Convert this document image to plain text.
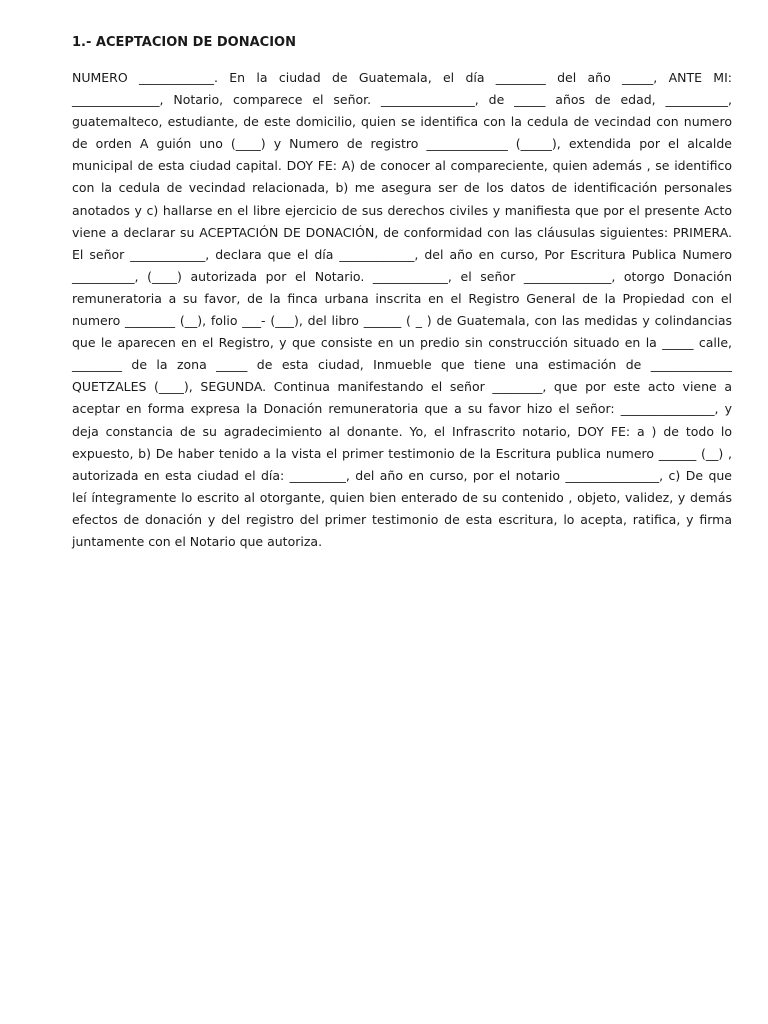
1.- ACEPTACION DE DONACION
NUMERO ____________. En la ciudad de Guatemala, el día ________ del año _____, ANTE MI:
______________, Notario, comparece el señor. _______________, de _____ años de edad, __________,
guatemalteco, estudiante, de este domicilio, quien se identifica con la cedula de vecindad con numero
de orden A guión uno (____) y Numero de registro _____________ (_____), extendida por el alcalde
municipal de esta ciudad capital. DOY FE: A) de conocer al compareciente, quien además , se identifico
con la cedula de vecindad relacionada, b) me asegura ser de los datos de identificación personales
anotados y c) hallarse en el libre ejercicio de sus derechos civiles y manifiesta que por el presente Acto
viene a declarar su ACEPTACIÓN DE DONACIÓN, de conformidad con las cláusulas siguientes: PRIMERA.
El señor ____________, declara que el día ____________, del año en curso, Por Escritura Publica Numero
__________, (____) autorizada por el Notario. ____________, el señor ______________, otorgo Donación
remuneratoria a su favor, de la finca urbana inscrita en el Registro General de la Propiedad con el
numero ________ (__), folio ___- (___), del libro ______ ( _ ) de Guatemala, con las medidas y colindancias
que le aparecen en el Registro, y que consiste en un predio sin construcción situado en la _____ calle,
________ de la zona _____ de esta ciudad, Inmueble que tiene una estimación de _____________
QUETZALES (____), SEGUNDA. Continua manifestando el señor ________, que por este acto viene a
aceptar en forma expresa la Donación remuneratoria que a su favor hizo el señor: _______________, y
deja constancia de su agradecimiento al donante. Yo, el Infrascrito notario, DOY FE: a ) de todo lo
expuesto, b) De haber tenido a la vista el primer testimonio de la Escritura publica numero ______ (__) ,
autorizada en esta ciudad el día: _________, del año en curso, por el notario _______________, c) De que
leí íntegramente lo escrito al otorgante, quien bien enterado de su contenido , objeto, validez, y demás
efectos de donación y del registro del primer testimonio de esta escritura, lo acepta, ratifica, y firma
juntamente con el Notario que autoriza.
